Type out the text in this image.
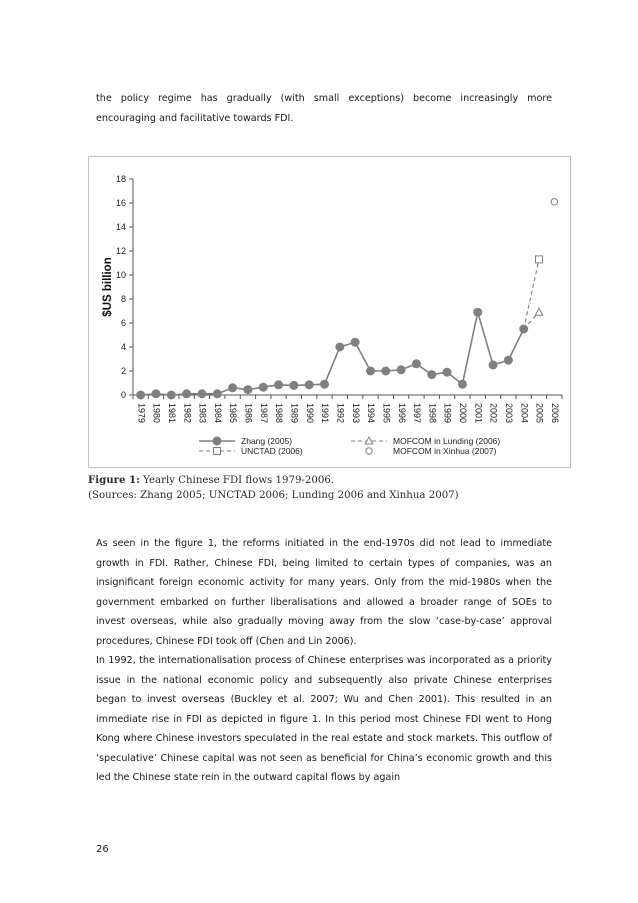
the policy regime has gradually (with small exceptions) become increasingly more encouraging and facilitative towards FDI.

0
2
4
6
8
10
12
14
16
18
1979 1980 1981 1982 1983 1984 1985 1986 1987 1988 1989 1990 1991 1992 1993 1994 1995 1996 1997 1998 1999 2000 2001 2002 2003 2004 2005 2006
$US billion
Zhang (2005)	MOFCOM in Lunding (2006)
UNCTAD (2006)	MOFCOM in Xinhua (2007)
Figure 1: Yearly Chinese FDI flows 1979-2006.
(Sources: Zhang 2005; UNCTAD 2006; Lunding 2006 and Xinhua 2007)

As seen in the figure 1, the reforms initiated in the end-1970s did not lead to immediate growth in FDI. Rather, Chinese FDI, being limited to certain types of companies, was an insignificant foreign economic activity for many years. Only from the mid-1980s when the government embarked on further liberalisations and allowed a broader range of SOEs to invest overseas, while also gradually moving away from the slow ‘case-by-case’ approval procedures, Chinese FDI took off (Chen and Lin 2006).

In 1992, the internationalisation process of Chinese enterprises was incorporated as a priority issue in the national economic policy and subsequently also private Chinese enterprises began to invest overseas (Buckley et al. 2007; Wu and Chen 2001). This resulted in an immediate rise in FDI as depicted in figure 1. In this period most Chinese FDI went to Hong Kong where Chinese investors speculated in the real estate and stock markets. This outflow of ‘speculative’ Chinese capital was not seen as beneficial for China’s economic growth and this led the Chinese state rein in the outward capital flows by again

26
